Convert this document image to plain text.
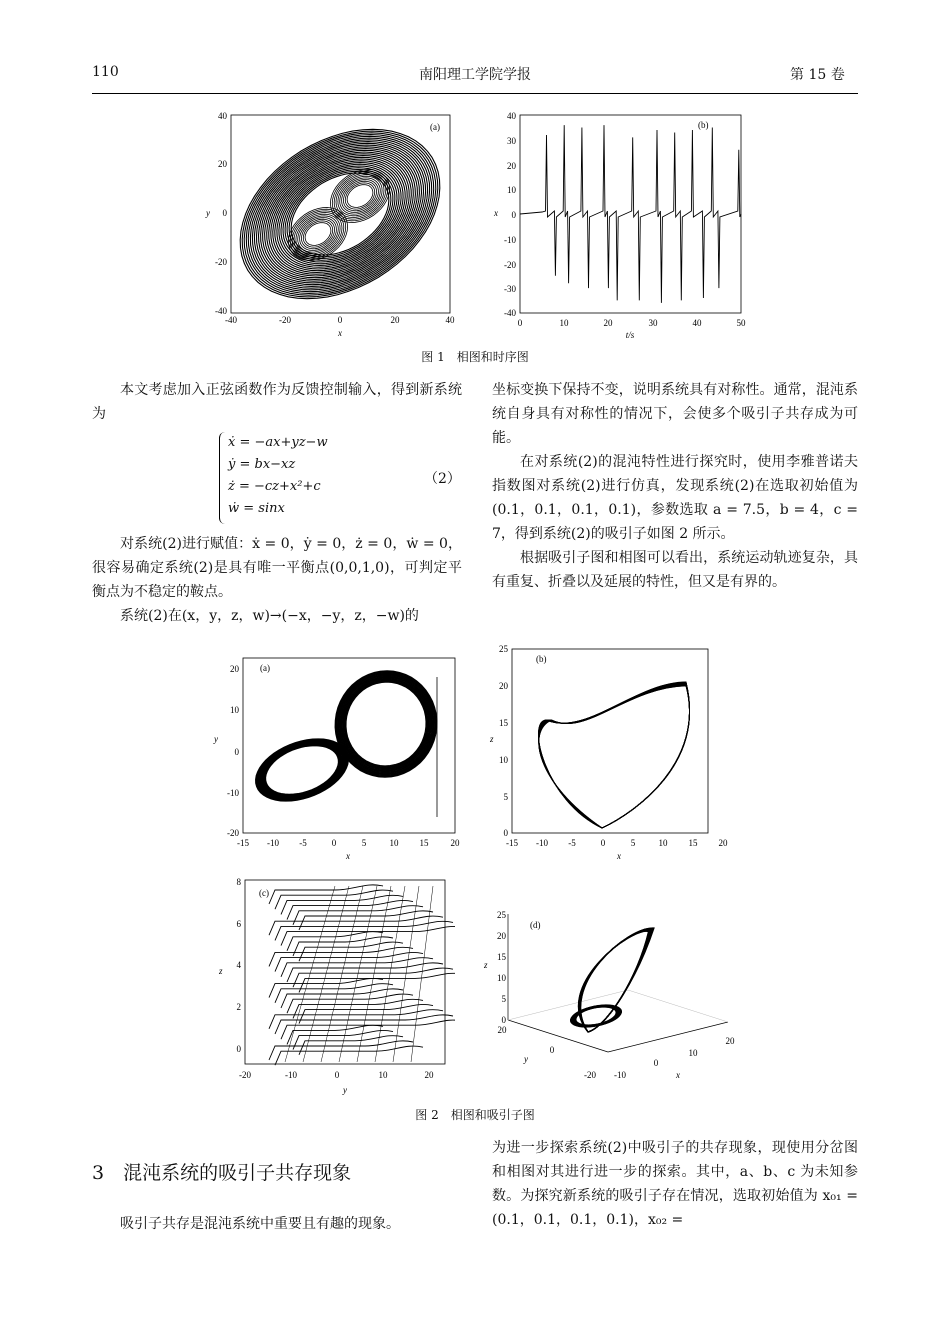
110	南阳理工学院学报	第 15 卷
(a)
40
20
0
-20
-40
-40	-20	0	20	40
x
y
(b)
40
30
20
10
0
-10
-20
-30
-40
0	10	20	30	40	50
t/s
x
图 1　相图和时序图

本文考虑加入正弦函数作为反馈控制输入，得到新系统为

ẋ = −ax+yz−w
ẏ = bx−xz
ż = −cz+x²+c
ẇ = sinx
（2）

对系统(2)进行赋值：ẋ = 0，ẏ = 0，ż = 0，ẇ = 0，很容易确定系统(2)是具有唯一平衡点(0,0,1,0)，可判定平衡点为不稳定的鞍点。

系统(2)在(x，y，z，w)→(−x，−y，z，−w)的

坐标变换下保持不变，说明系统具有对称性。通常，混沌系统自身具有对称性的情况下，会使多个吸引子共存成为可能。

在对系统(2)的混沌特性进行探究时，使用李雅普诺夫指数图对系统(2)进行仿真，发现系统(2)在选取初始值为(0.1，0.1，0.1，0.1)，参数选取 a = 7.5，b = 4，c = 7，得到系统(2)的吸引子如图 2 所示。

根据吸引子图和相图可以看出，系统运动轨迹复杂，具有重复、折叠以及延展的特性，但又是有界的。

(a)
20
10
0
-10
-20
-15 -10 -5	0	5	10 15 20
x
y
(b)
25
20
15
10
5
0
-15 -10 -5	0	5	10 15 20
x
z
(c)
8
6
4
2
0
-20	-10	0	10	20
y
z
(d)
25
20
15
10
5
0
20
0
-20 -10
0
10
20
y
x
z
图 2　相图和吸引子图
3　混沌系统的吸引子共存现象

吸引子共存是混沌系统中重要且有趣的现象。

为进一步探索系统(2)中吸引子的共存现象，现使用分岔图和相图对其进行进一步的探索。其中，a、b、c 为未知参数。为探究新系统的吸引子存在情况，选取初始值为 x₀₁ = (0.1，0.1，0.1，0.1)，x₀₂ =
